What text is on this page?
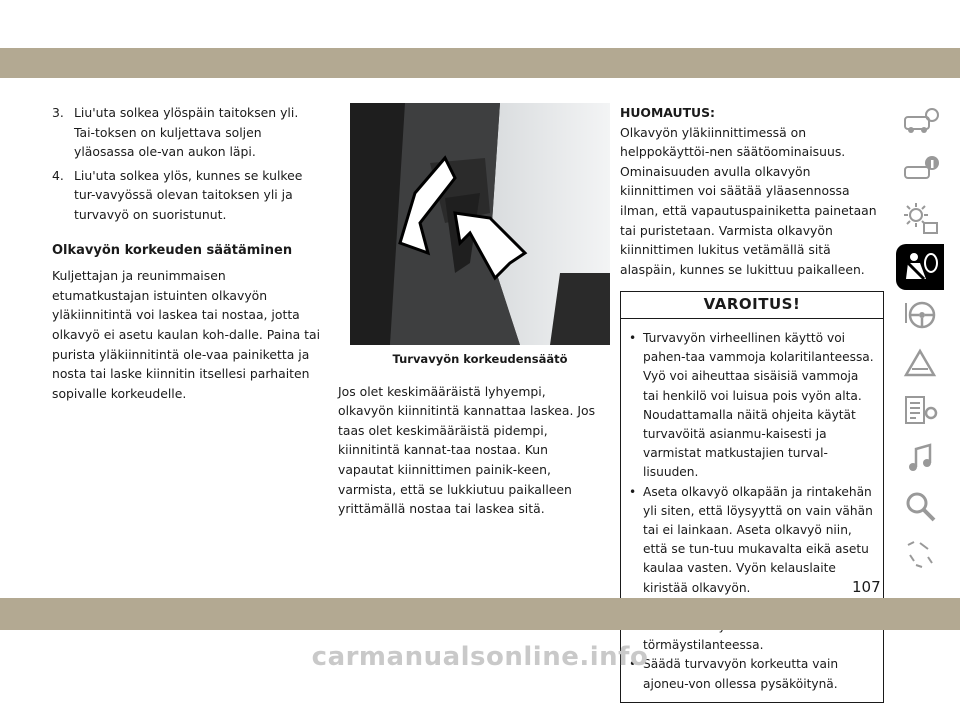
3. Liu'uta solkea ylöspäin taitoksen yli. Tai-toksen on kuljettava soljen yläosassa ole-van aukon läpi.
4. Liu'uta solkea ylös, kunnes se kulkee tur-vavyössä olevan taitoksen yli ja turvavyö on suoristunut.
Olkavyön korkeuden säätäminen

Kuljettajan ja reunimmaisen etumatkustajan istuinten olkavyön yläkiinnitintä voi laskea tai nostaa, jotta olkavyö ei asetu kaulan koh-dalle. Paina tai purista yläkiinnitintä ole-vaa painiketta ja nosta tai laske kiinnitin itsellesi parhaiten sopivalle korkeudelle.

Turvavyön korkeudensäätö

Jos olet keskimääräistä lyhyempi, olkavyön kiinnitintä kannattaa laskea. Jos taas olet keskimääräistä pidempi, kiinnitintä kannat-taa nostaa. Kun vapautat kiinnittimen painik-keen, varmista, että se lukkiutuu paikalleen yrittämällä nostaa tai laskea sitä.

HUOMAUTUS:

Olkavyön yläkiinnittimessä on helppokäyttöi-nen säätöominaisuus. Ominaisuuden avulla olkavyön kiinnittimen voi säätää yläasennossa ilman, että vapautuspainiketta painetaan tai puristetaan. Varmista olkavyön kiinnittimen lukitus vetämällä sitä alaspäin, kunnes se lukittuu paikalleen.

VAROITUS!
• Turvavyön virheellinen käyttö voi pahen-taa vammoja kolaritilanteessa. Vyö voi aiheuttaa sisäisiä vammoja tai henkilö voi luisua pois vyön alta. Noudattamalla näitä ohjeita käytät turvavöitä asianmu-kaisesti ja varmistat matkustajien turval-lisuuden.
• Aseta olkavyö olkapään ja rintakehän yli siten, että löysyyttä on vain vähän tai ei lainkaan. Aseta olkavyö niin, että se tun-tuu mukavalta eikä asetu kaulaa vasten. Vyön kelauslaite kiristää olkavyön.
• törmäystilanteessa.
• Säädä turvavyön korkeutta vain ajoneu-von ollessa pysäköitynä.
107
carmanualsonline.info
